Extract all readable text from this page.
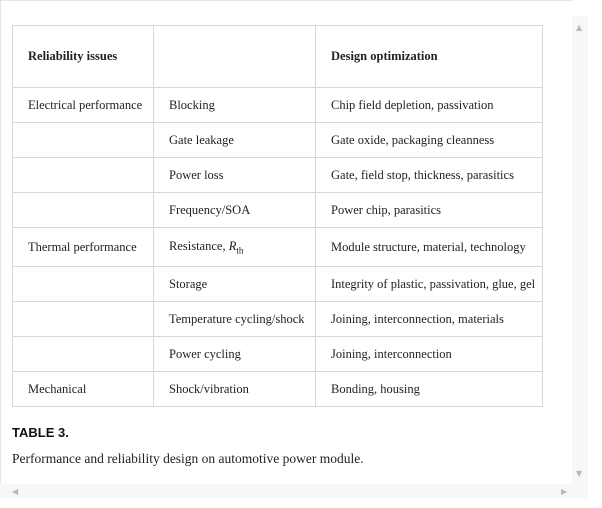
Reliability issues		Design optimization
Electrical performance	Blocking	Chip field depletion, passivation
	Gate leakage	Gate oxide, packaging cleanness
	Power loss	Gate, field stop, thickness, parasitics
	Frequency/SOA	Power chip, parasitics
Thermal performance	Resistance, $R_{th}$	Module structure, material, technology
	Storage	Integrity of plastic, passivation, glue, gel
	Temperature cycling/shock	Joining, interconnection, materials
	Power cycling	Joining, interconnection
Mechanical	Shock/vibration	Bonding, housing
TABLE 3.
Performance and reliability design on automotive power module.
▲
▼
◀	▶
